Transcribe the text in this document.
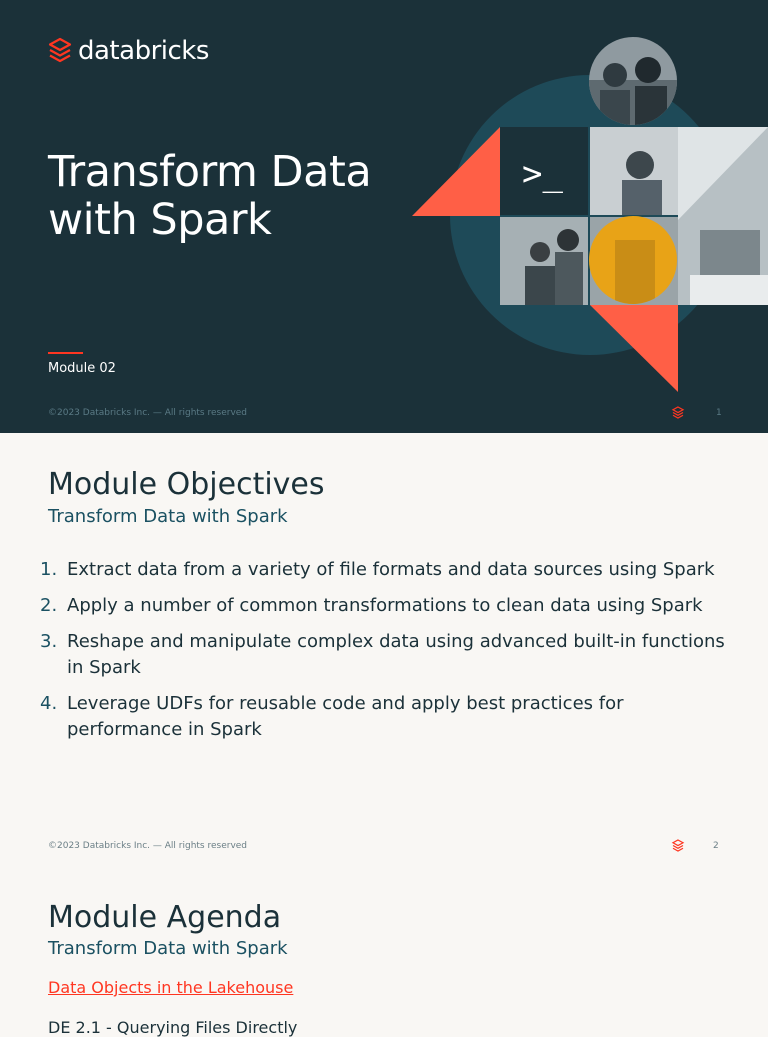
databricks
Transform Data
with Spark
Module 02
>_
©2023 Databricks Inc. — All rights reserved	1
Module Objectives
Transform Data with Spark
1. Extract data from a variety of file formats and data sources using Spark
2. Apply a number of common transformations to clean data using Spark
3. Reshape and manipulate complex data using advanced built-in functions in Spark
4. Leverage UDFs for reusable code and apply best practices for performance in Spark
©2023 Databricks Inc. — All rights reserved	2
Module Agenda
Transform Data with Spark
Data Objects in the Lakehouse
DE 2.1 - Querying Files Directly
